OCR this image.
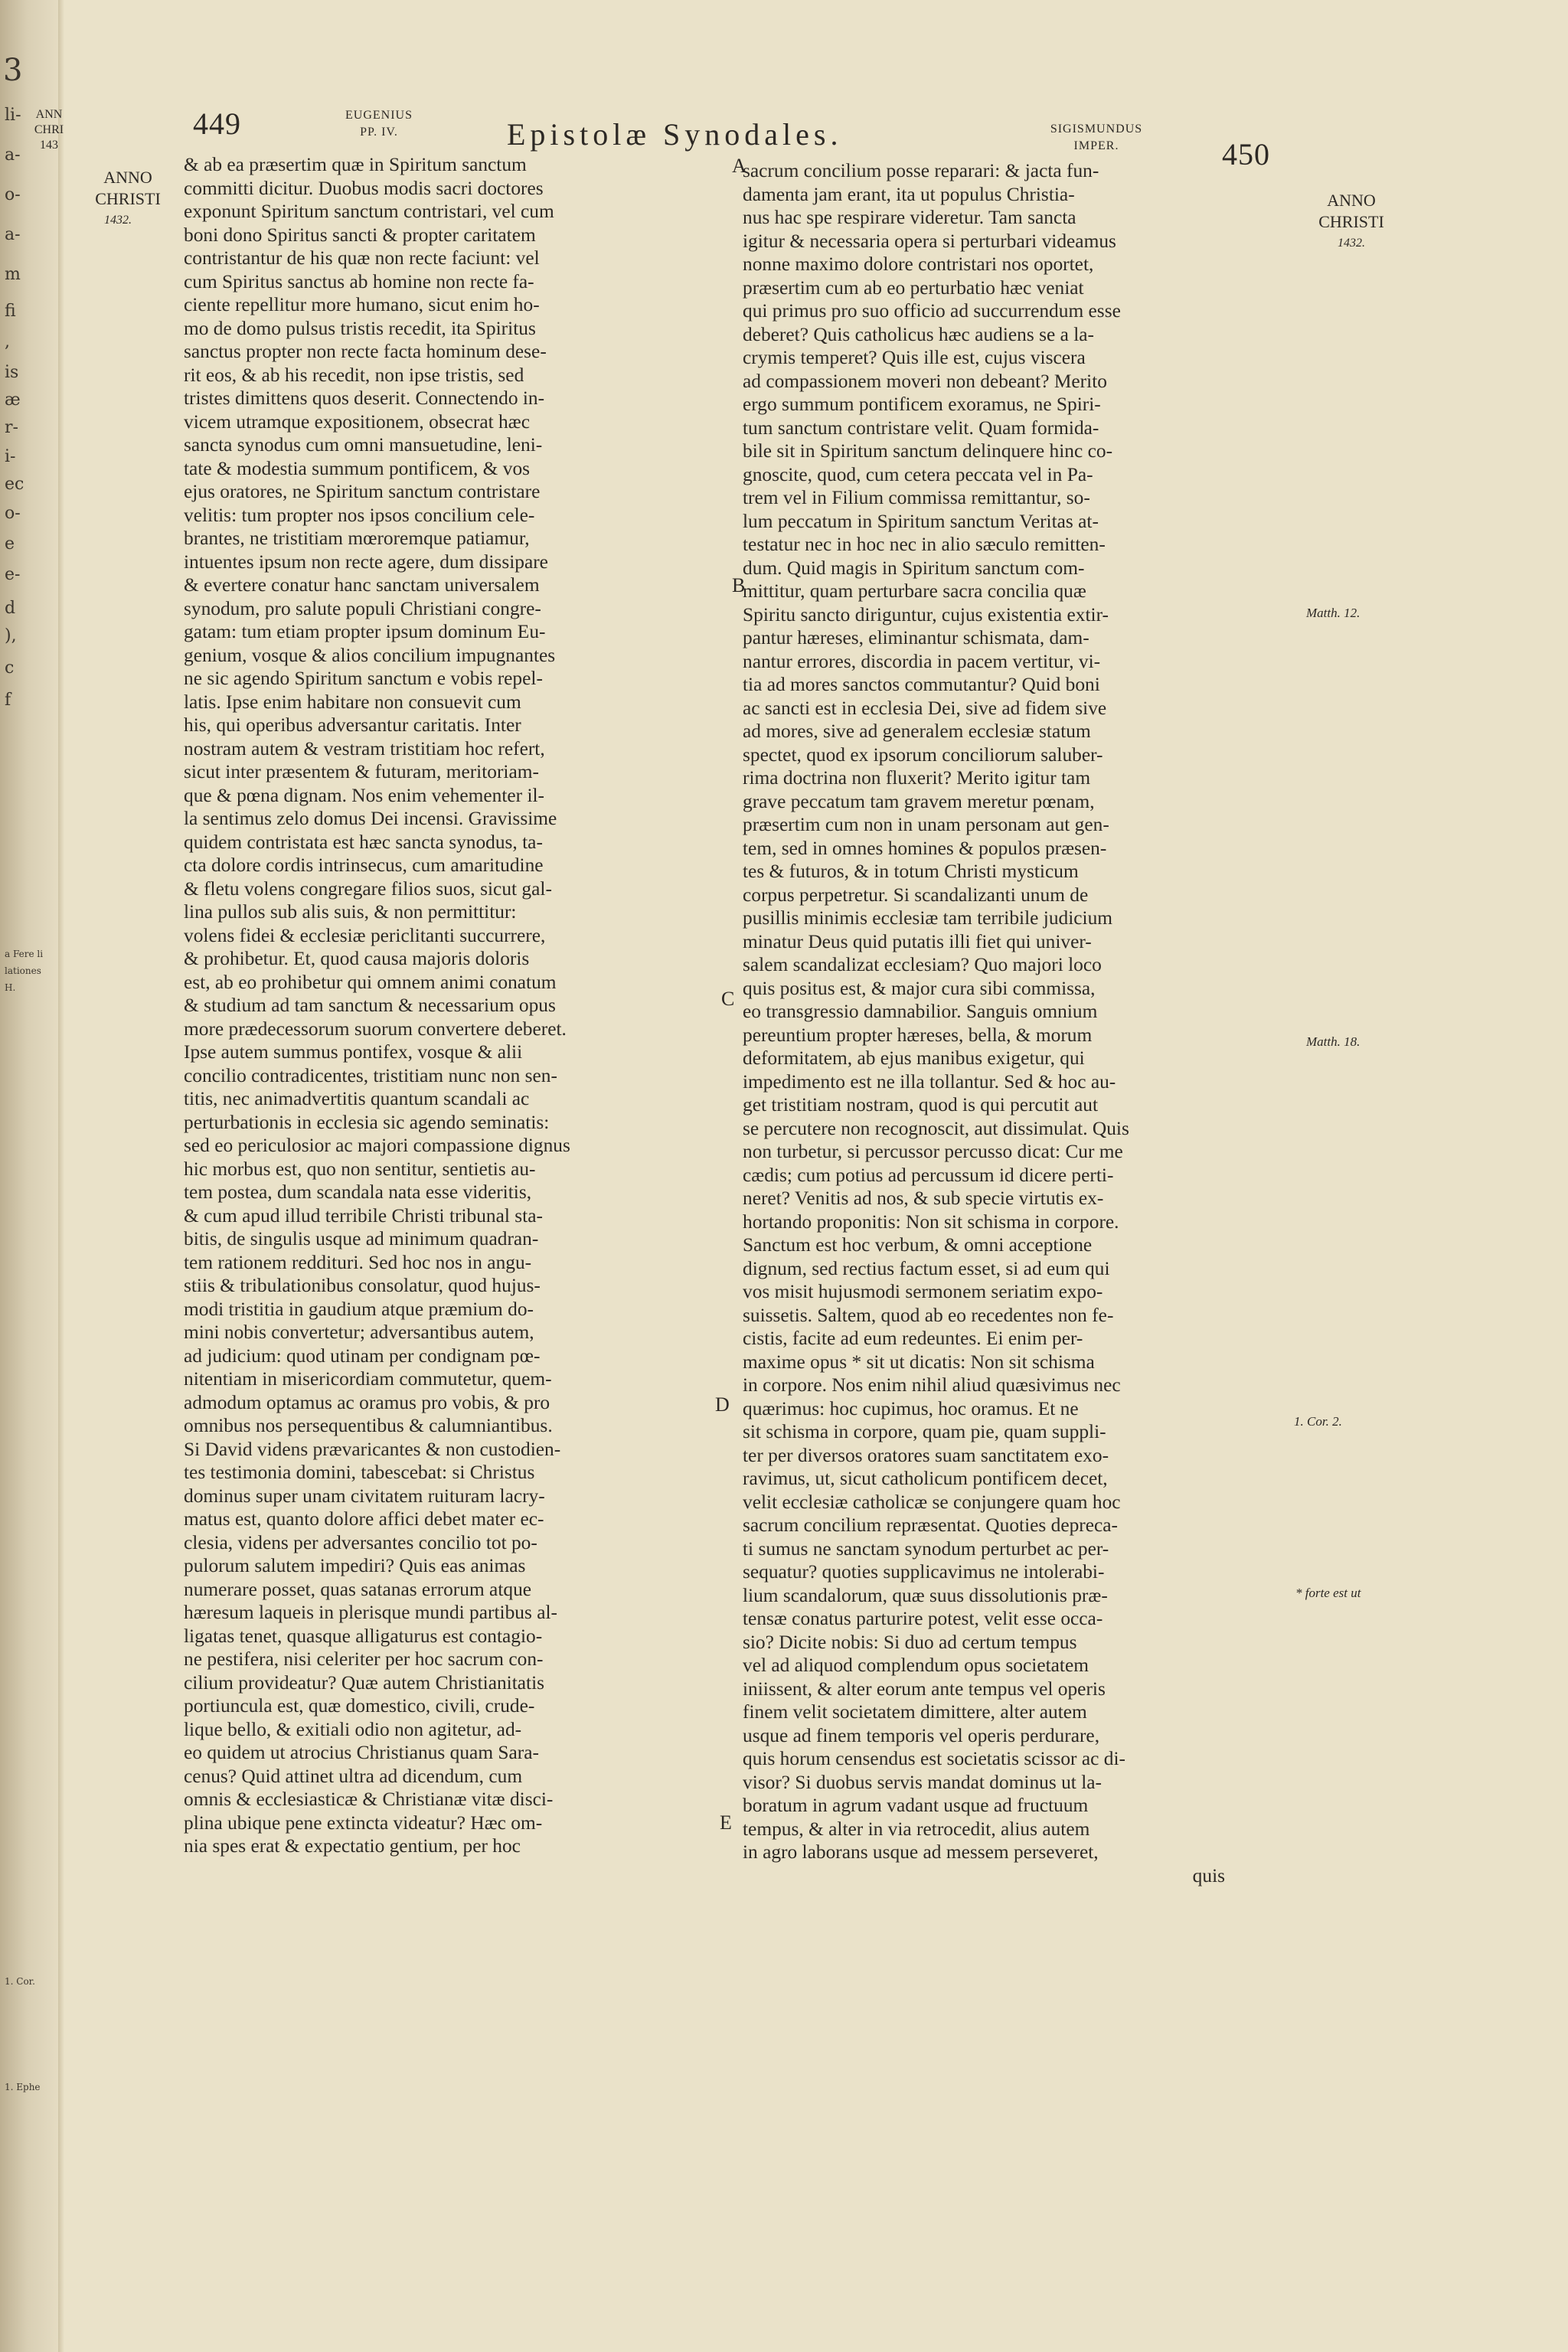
3
li-
a-
o-
a-
m
fi
,
is
æ
r-
i-
ec
o-
e
e-
d
),
c
f
a Fere li
lationes
H.
1. Cor.
1. Ephe
449	EUGENIUS
PP. IV.	Epistolæ Synodales.	SIGISMUNDUS
IMPER.	450
ANN
CHRI
143
ANNO
CHRISTI
1432.
ANNO
CHRISTI
1432.
& ab ea præsertim quæ in Spiritum sanctum
committi dicitur. Duobus modis sacri doctores
exponunt Spiritum sanctum contristari, vel cum
boni dono Spiritus sancti & propter caritatem
contristantur de his quæ non recte faciunt: vel
cum Spiritus sanctus ab homine non recte fa-
ciente repellitur more humano, sicut enim ho-
mo de domo pulsus tristis recedit, ita Spiritus
sanctus propter non recte facta hominum dese-
rit eos, & ab his recedit, non ipse tristis, sed
tristes dimittens quos deserit. Connectendo in-
vicem utramque expositionem, obsecrat hæc
sancta synodus cum omni mansuetudine, leni-
tate & modestia summum pontificem, & vos
ejus oratores, ne Spiritum sanctum contristare
velitis: tum propter nos ipsos concilium cele-
brantes, ne tristitiam mœroremque patiamur,
intuentes ipsum non recte agere, dum dissipare
& evertere conatur hanc sanctam universalem
synodum, pro salute populi Christiani congre-
gatam: tum etiam propter ipsum dominum Eu-
genium, vosque & alios concilium impugnantes
ne sic agendo Spiritum sanctum e vobis repel-
latis. Ipse enim habitare non consuevit cum
his, qui operibus adversantur caritatis. Inter
nostram autem & vestram tristitiam hoc refert,
sicut inter præsentem & futuram, meritoriam-
que & pœna dignam. Nos enim vehementer il-
la sentimus zelo domus Dei incensi. Gravissime
quidem contristata est hæc sancta synodus, ta-
cta dolore cordis intrinsecus, cum amaritudine
& fletu volens congregare filios suos, sicut gal-
lina pullos sub alis suis, & non permittitur:
volens fidei & ecclesiæ periclitanti succurrere,
& prohibetur. Et, quod causa majoris doloris
est, ab eo prohibetur qui omnem animi conatum
& studium ad tam sanctum & necessarium opus
more prædecessorum suorum convertere deberet.
Ipse autem summus pontifex, vosque & alii
concilio contradicentes, tristitiam nunc non sen-
titis, nec animadvertitis quantum scandali ac
perturbationis in ecclesia sic agendo seminatis:
sed eo periculosior ac majori compassione dignus
hic morbus est, quo non sentitur, sentietis au-
tem postea, dum scandala nata esse videritis,
& cum apud illud terribile Christi tribunal sta-
bitis, de singulis usque ad minimum quadran-
tem rationem reddituri. Sed hoc nos in angu-
stiis & tribulationibus consolatur, quod hujus-
modi tristitia in gaudium atque præmium do-
mini nobis convertetur; adversantibus autem,
ad judicium: quod utinam per condignam pœ-
nitentiam in misericordiam commutetur, quem-
admodum optamus ac oramus pro vobis, & pro
omnibus nos persequentibus & calumniantibus.
Si David videns prævaricantes & non custodien-
tes testimonia domini, tabescebat: si Christus
dominus super unam civitatem ruituram lacry-
matus est, quanto dolore affici debet mater ec-
clesia, videns per adversantes concilio tot po-
pulorum salutem impediri? Quis eas animas
numerare posset, quas satanas errorum atque
hæresum laqueis in plerisque mundi partibus al-
ligatas tenet, quasque alligaturus est contagio-
ne pestifera, nisi celeriter per hoc sacrum con-
cilium provideatur? Quæ autem Christianitatis
portiuncula est, quæ domestico, civili, crude-
lique bello, & exitiali odio non agitetur, ad-
eo quidem ut atrocius Christianus quam Sara-
cenus? Quid attinet ultra ad dicendum, cum
omnis & ecclesiasticæ & Christianæ vitæ disci-
plina ubique pene extincta videatur? Hæc om-
nia spes erat & expectatio gentium, per hoc
sacrum concilium posse reparari: & jacta fun-
damenta jam erant, ita ut populus Christia-
nus hac spe respirare videretur. Tam sancta
igitur & necessaria opera si perturbari videamus
nonne maximo dolore contristari nos oportet,
præsertim cum ab eo perturbatio hæc veniat
qui primus pro suo officio ad succurrendum esse
deberet? Quis catholicus hæc audiens se a la-
crymis temperet? Quis ille est, cujus viscera
ad compassionem moveri non debeant? Merito
ergo summum pontificem exoramus, ne Spiri-
tum sanctum contristare velit. Quam formida-
bile sit in Spiritum sanctum delinquere hinc co-
gnoscite, quod, cum cetera peccata vel in Pa-
trem vel in Filium commissa remittantur, so-
lum peccatum in Spiritum sanctum Veritas at-
testatur nec in hoc nec in alio sæculo remitten-
dum. Quid magis in Spiritum sanctum com-
mittitur, quam perturbare sacra concilia quæ
Spiritu sancto diriguntur, cujus existentia extir-
pantur hæreses, eliminantur schismata, dam-
nantur errores, discordia in pacem vertitur, vi-
tia ad mores sanctos commutantur? Quid boni
ac sancti est in ecclesia Dei, sive ad fidem sive
ad mores, sive ad generalem ecclesiæ statum
spectet, quod ex ipsorum conciliorum saluber-
rima doctrina non fluxerit? Merito igitur tam
grave peccatum tam gravem meretur pœnam,
præsertim cum non in unam personam aut gen-
tem, sed in omnes homines & populos præsen-
tes & futuros, & in totum Christi mysticum
corpus perpetretur. Si scandalizanti unum de
pusillis minimis ecclesiæ tam terribile judicium
minatur Deus quid putatis illi fiet qui univer-
salem scandalizat ecclesiam? Quo majori loco
quis positus est, & major cura sibi commissa,
eo transgressio damnabilior. Sanguis omnium
pereuntium propter hæreses, bella, & morum
deformitatem, ab ejus manibus exigetur, qui
impedimento est ne illa tollantur. Sed & hoc au-
get tristitiam nostram, quod is qui percutit aut
se percutere non recognoscit, aut dissimulat. Quis
non turbetur, si percussor percusso dicat: Cur me
cædis; cum potius ad percussum id dicere perti-
neret? Venitis ad nos, & sub specie virtutis ex-
hortando proponitis: Non sit schisma in corpore.
Sanctum est hoc verbum, & omni acceptione
dignum, sed rectius factum esset, si ad eum qui
vos misit hujusmodi sermonem seriatim expo-
suissetis. Saltem, quod ab eo recedentes non fe-
cistis, facite ad eum redeuntes. Ei enim per-
maxime opus * sit ut dicatis: Non sit schisma
in corpore. Nos enim nihil aliud quæsivimus nec
quærimus: hoc cupimus, hoc oramus. Et ne
sit schisma in corpore, quam pie, quam suppli-
ter per diversos oratores suam sanctitatem exo-
ravimus, ut, sicut catholicum pontificem decet,
velit ecclesiæ catholicæ se conjungere quam hoc
sacrum concilium repræsentat. Quoties depreca-
ti sumus ne sanctam synodum perturbet ac per-
sequatur? quoties supplicavimus ne intolerabi-
lium scandalorum, quæ suus dissolutionis præ-
tensæ conatus parturire potest, velit esse occa-
sio? Dicite nobis: Si duo ad certum tempus
vel ad aliquod complendum opus societatem
iniissent, & alter eorum ante tempus vel operis
finem velit societatem dimittere, alter autem
usque ad finem temporis vel operis perdurare,
quis horum censendus est societatis scissor ac di-
visor? Si duobus servis mandat dominus ut la-
boratum in agrum vadant usque ad fructuum
tempus, & alter in via retrocedit, alius autem
in agro laborans usque ad messem perseveret,
quis
A
B
C
D
E
Matth. 12.
Matth. 18.
1. Cor. 2.
* forte est ut
